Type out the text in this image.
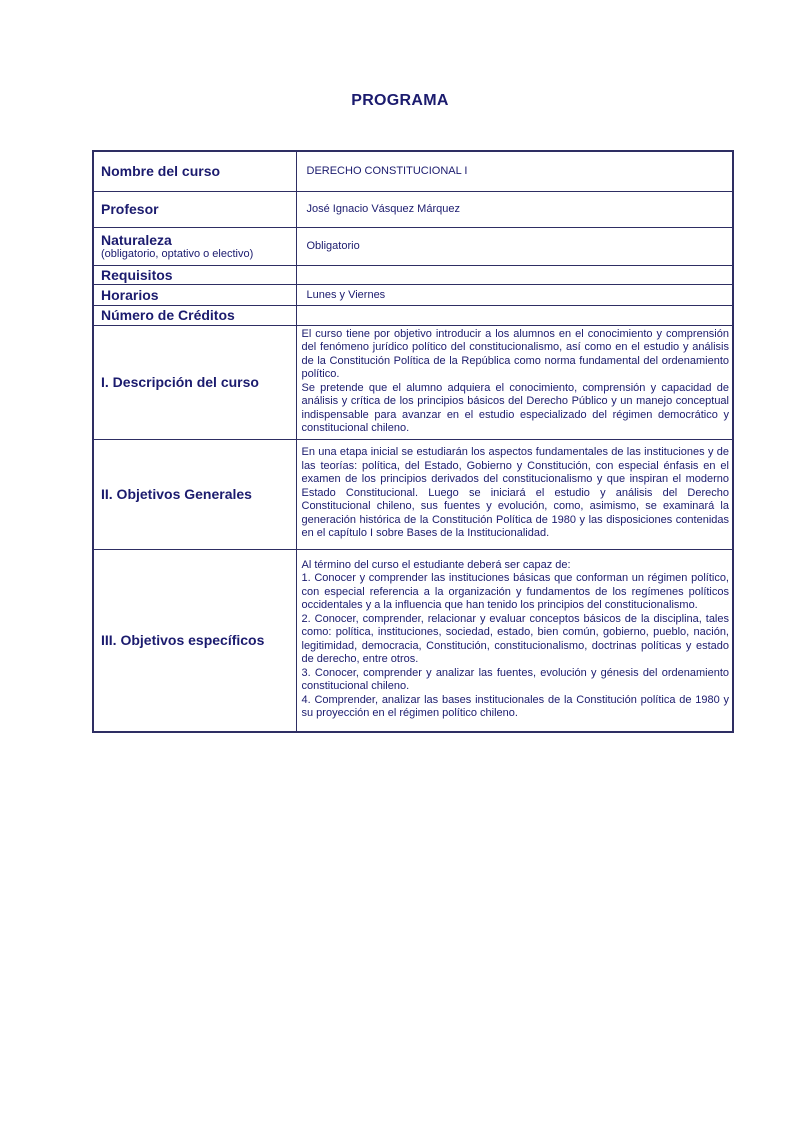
PROGRAMA
Nombre del curso	DERECHO CONSTITUCIONAL I
Profesor	José Ignacio Vásquez Márquez

Naturaleza
(obligatorio, optativo o electivo)	Obligatorio
Requisitos	
Horarios	Lunes y Viernes
Número de Créditos	
I. Descripción del curso	El curso tiene por objetivo introducir a los alumnos en el conocimiento y comprensión del fenómeno jurídico político del constitucionalismo, así como en el estudio y análisis de la Constitución Política de la República como norma fundamental del ordenamiento político.

Se pretende que el alumno adquiera el conocimiento, comprensión y capacidad de análisis y crítica de los principios básicos del Derecho Público y un manejo conceptual indispensable para avanzar en el estudio especializado del régimen democrático y constitucional chileno.

II. Objetivos Generales	En una etapa inicial se estudiarán los aspectos fundamentales de las instituciones y de las teorías: política, del Estado, Gobierno y Constitución, con especial énfasis en el examen de los principios derivados del constitucionalismo y que inspiran el moderno Estado Constitucional. Luego se iniciará el estudio y análisis del Derecho Constitucional chileno, sus fuentes y evolución, como, asimismo, se examinará la generación histórica de la Constitución Política de 1980 y las disposiciones contenidas en el capítulo I sobre Bases de la Institucionalidad.

III. Objetivos específicos	Al término del curso el estudiante deberá ser capaz de:

1. Conocer y comprender las instituciones básicas que conforman un régimen político, con especial referencia a la organización y fundamentos de los regímenes políticos occidentales y a la influencia que han tenido los principios del constitucionalismo.

2. Conocer, comprender, relacionar y evaluar conceptos básicos de la disciplina, tales como: política, instituciones, sociedad, estado, bien común, gobierno, pueblo, nación, legitimidad, democracia, Constitución, constitucionalismo, doctrinas políticas y estado de derecho, entre otros.

3. Conocer, comprender y analizar las fuentes, evolución y génesis del ordenamiento constitucional chileno.

4. Comprender, analizar las bases institucionales de la Constitución política de 1980 y su proyección en el régimen político chileno.
